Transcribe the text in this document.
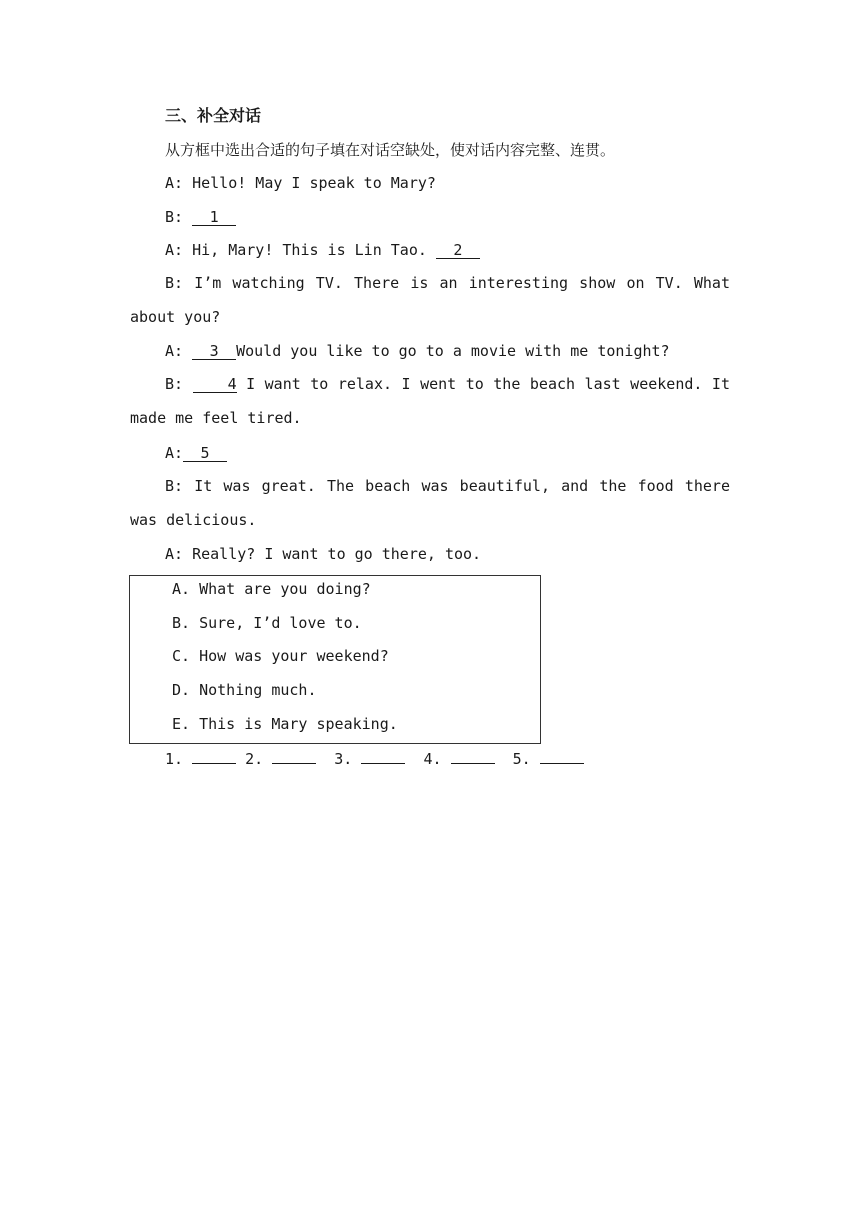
三、补全对话
从方框中选出合适的句子填在对话空缺处，使对话内容完整、连贯。
A: Hello! May I speak to Mary?
B: 1
A: Hi, Mary! This is Lin Tao. 2
B: I’m watching TV. There is an interesting show on TV. What about you?
A: 3 Would you like to go to a movie with me tonight?
B: 4 I want to relax. I went to the beach last weekend. It made me feel tired.
A: 5
B: It was great. The beach was beautiful, and the food there was delicious.
A: Really? I want to go there, too.
A. What are you doing?
B. Sure, I’d love to.
C. How was your weekend?
D. Nothing much.
E. This is Mary speaking.
1.	2.	3.	4.	5.
